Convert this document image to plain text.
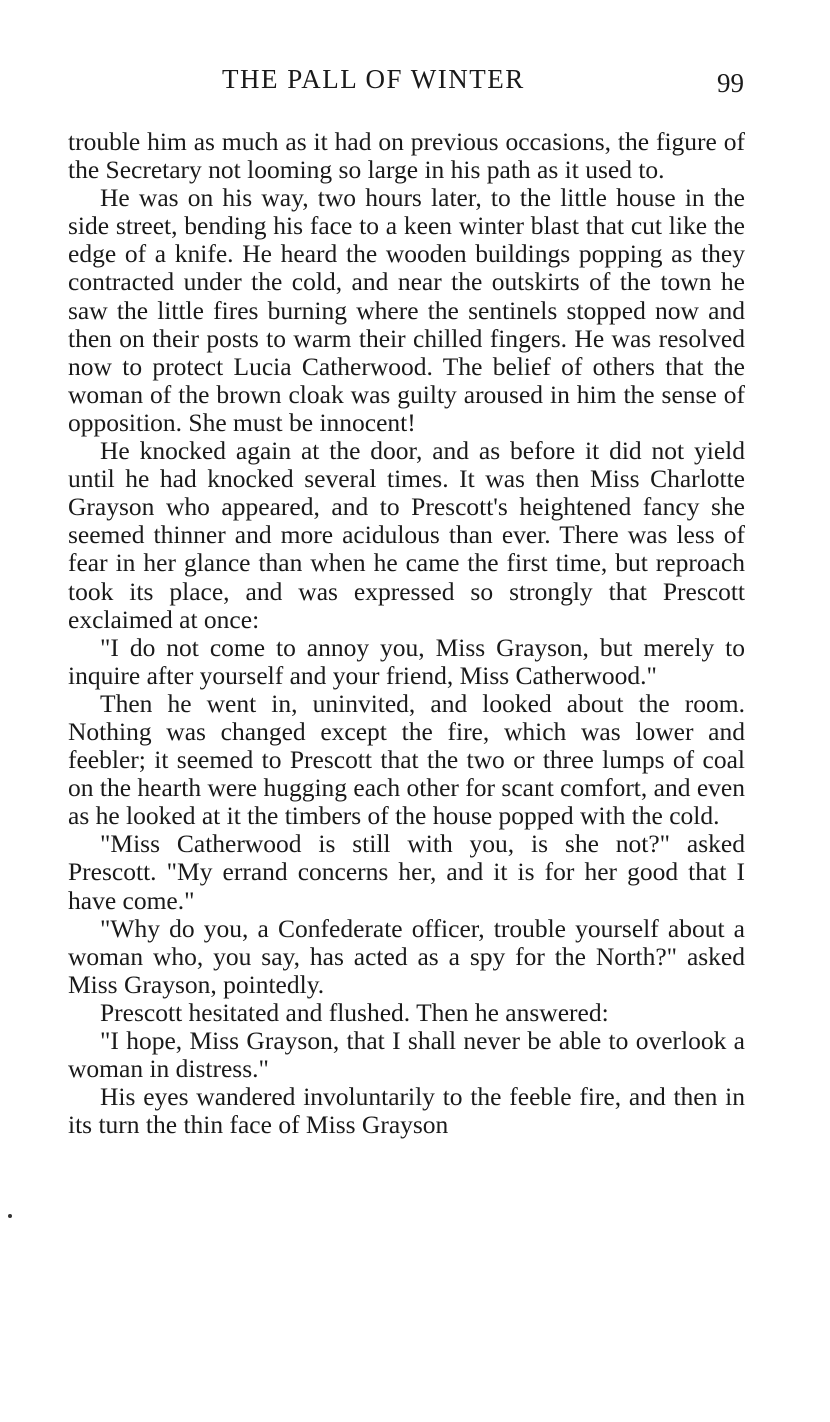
THE PALL OF WINTER	99

trouble him as much as it had on previous occasions, the figure of the Secretary not looming so large in his path as it used to.

He was on his way, two hours later, to the little house in the side street, bending his face to a keen winter blast that cut like the edge of a knife. He heard the wooden buildings popping as they contracted under the cold, and near the outskirts of the town he saw the little fires burning where the sentinels stopped now and then on their posts to warm their chilled fingers. He was resolved now to protect Lucia Catherwood. The belief of others that the woman of the brown cloak was guilty aroused in him the sense of opposition. She must be innocent!

He knocked again at the door, and as before it did not yield until he had knocked several times. It was then Miss Charlotte Grayson who appeared, and to Prescott's heightened fancy she seemed thinner and more acidulous than ever. There was less of fear in her glance than when he came the first time, but reproach took its place, and was expressed so strongly that Prescott exclaimed at once:

"I do not come to annoy you, Miss Grayson, but merely to inquire after yourself and your friend, Miss Catherwood."

Then he went in, uninvited, and looked about the room. Nothing was changed except the fire, which was lower and feebler; it seemed to Prescott that the two or three lumps of coal on the hearth were hugging each other for scant comfort, and even as he looked at it the timbers of the house popped with the cold.

"Miss Catherwood is still with you, is she not?" asked Prescott. "My errand concerns her, and it is for her good that I have come."

"Why do you, a Confederate officer, trouble yourself about a woman who, you say, has acted as a spy for the North?" asked Miss Grayson, pointedly.

Prescott hesitated and flushed. Then he answered:

"I hope, Miss Grayson, that I shall never be able to overlook a woman in distress."

His eyes wandered involuntarily to the feeble fire, and then in its turn the thin face of Miss Grayson
